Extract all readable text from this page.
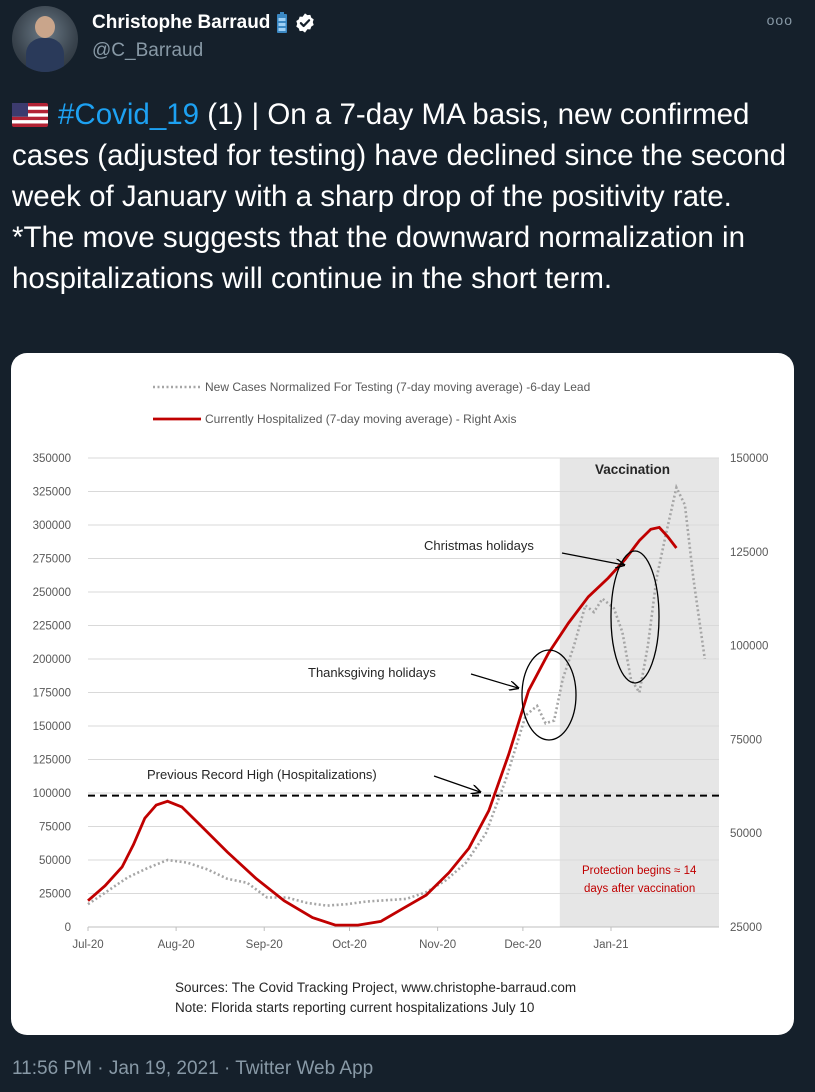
Christophe Barraud
@C_Barraud
ooo
#Covid_19 (1) | On a 7-day MA basis, new confirmed cases (adjusted for testing) have declined since the second week of January with a sharp drop of the positivity rate.
*The move suggests that the downward normalization in hospitalizations will continue in the short term.
0
25000
50000
75000
100000
125000
150000
175000
200000
225000
250000
275000
300000
325000
350000
25000
50000
75000
100000
125000
150000
Jul-20	Aug-20	Sep-20	Oct-20	Nov-20	Dec-20	Jan-21
New Cases Normalized For Testing (7-day moving average) -6-day Lead
Currently Hospitalized (7-day moving average) - Right Axis
Vaccination
Christmas holidays
Thanksgiving holidays
Previous Record High (Hospitalizations)
Protection begins ≈ 14
days after vaccination
Sources: The Covid Tracking Project, www.christophe-barraud.com
Note: Florida starts reporting current hospitalizations July 10
11:56 PM · Jan 19, 2021 · Twitter Web App
